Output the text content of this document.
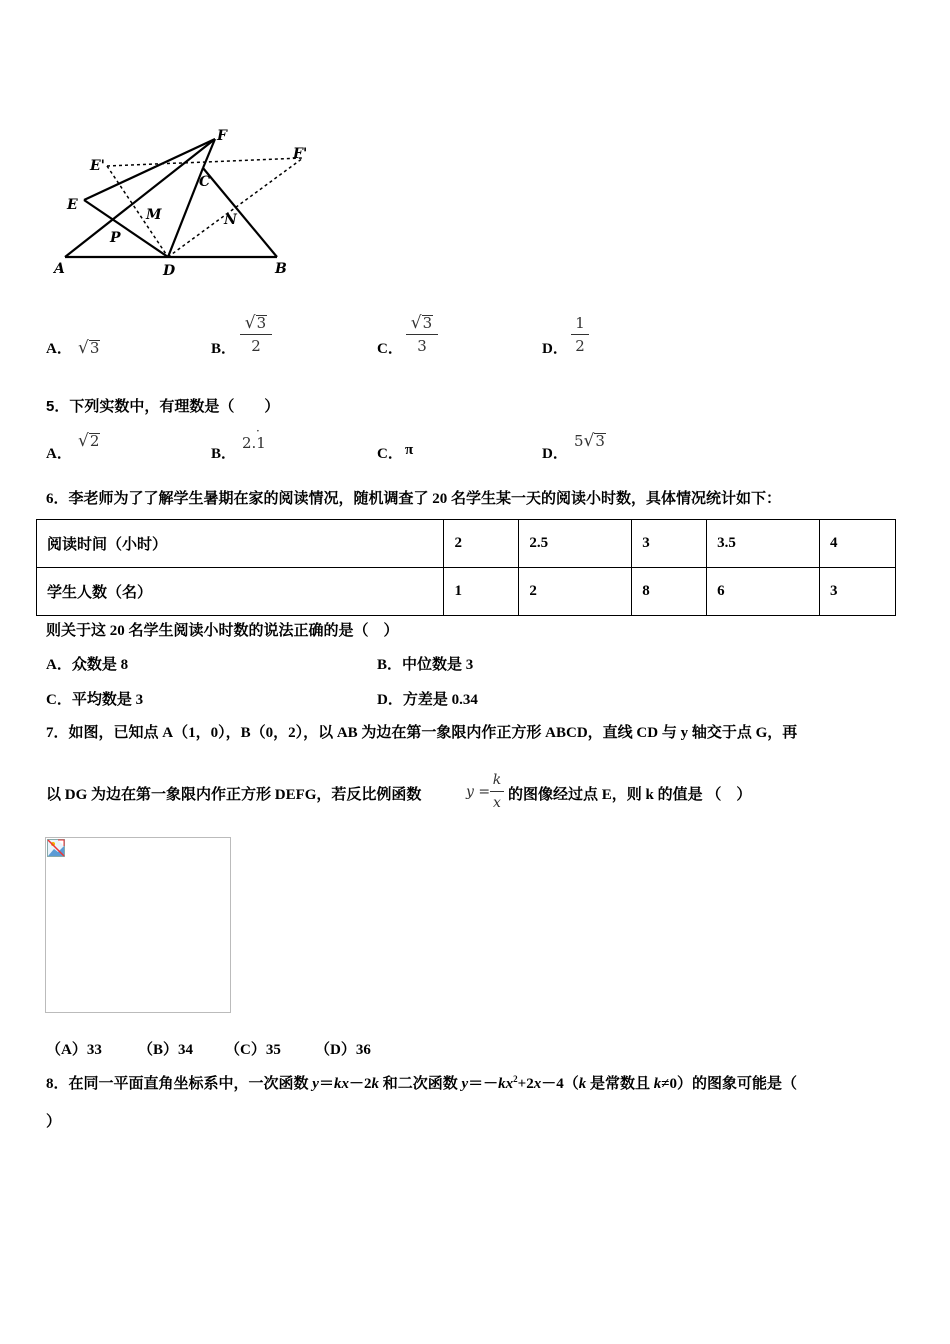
F
E'
F'
C
E
M	N
P
A	D	B
A． √3	B．
√3
2	C．
√3
3	D．
1
2
5．下列实数中，有理数是（　　）
A．
√2
B．
2.1
·
C． π	D．
5√3
6．李老师为了了解学生暑期在家的阅读情况，随机调查了 20 名学生某一天的阅读小时数，具体情况统计如下：
阅读时间（小时）	2	2.5	3	3.5	4
学生人数（名）	1	2	8	6	3
则关于这 20 名学生阅读小时数的说法正确的是（　）
A．众数是 8	B．中位数是 3
C．平均数是 3	D．方差是 0.34
7．如图，已知点 A（1，0），B（0，2），以 AB 为边在第一象限内作正方形 ABCD，直线 CD 与 y 轴交于点 G，再
以 DG 为边在第一象限内作正方形 DEFG，若反比例函数	y =
k
x 的图像经过点 E，则 k 的值是 （　）
（A）33 （B）34 （C）35 （D）36
8．在同一平面直角坐标系中，一次函数 y＝kx－2k 和二次函数 $y=-kx^2+2x-4(k$ 是常数且 k≠0）的图象可能是（
）
